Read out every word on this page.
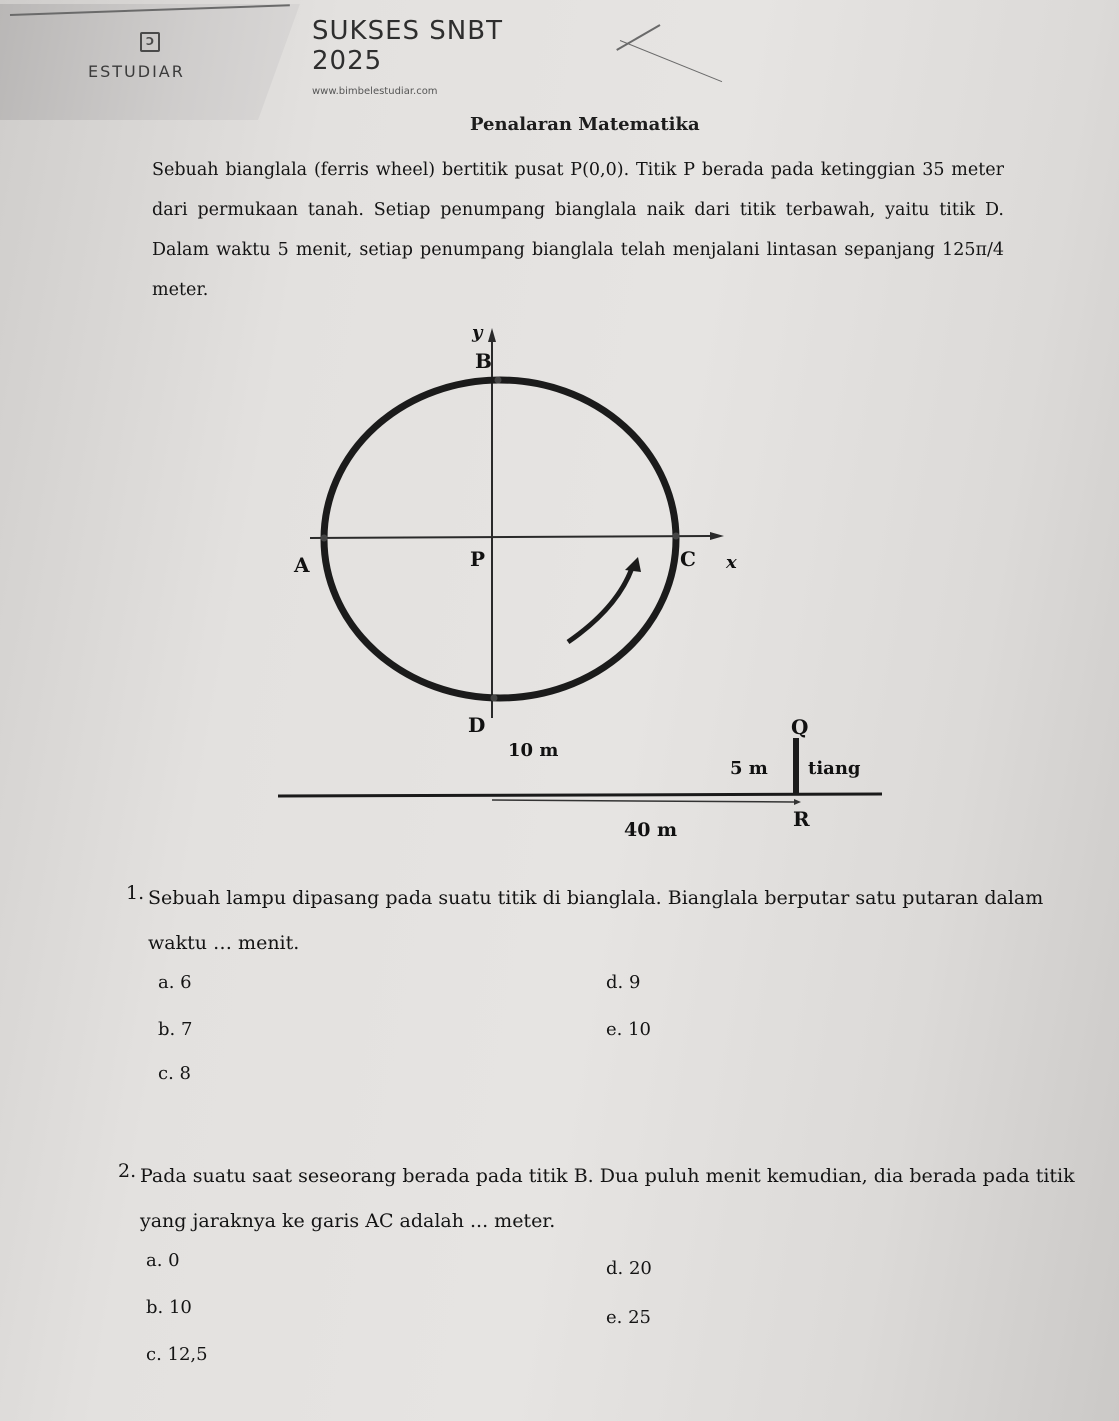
Ↄ
ESTUDIAR
SUKSES SNBT
2025
www.bimbelestudiar.com
Penalaran Matematika
Sebuah bianglala (ferris wheel) bertitik pusat P(0,0). Titik P berada pada ketinggian 35 meter dari permukaan tanah. Setiap penumpang bianglala naik dari titik terbawah, yaitu titik D. Dalam waktu 5 menit, setiap penumpang bianglala telah menjalani lintasan sepanjang 125π/4 meter.
y
B
A	P	C x
D
10 m
Q
5 m tiang
40 m	R
1. Sebuah lampu dipasang pada suatu titik di bianglala. Bianglala berputar satu putaran dalam waktu … menit.
a. 6
b. 7
c. 8
d. 9
e. 10
2. Pada suatu saat seseorang berada pada titik B. Dua puluh menit kemudian, dia berada pada titik yang jaraknya ke garis AC adalah ... meter.
a. 0
b. 10
c. 12,5
d. 20
e. 25
